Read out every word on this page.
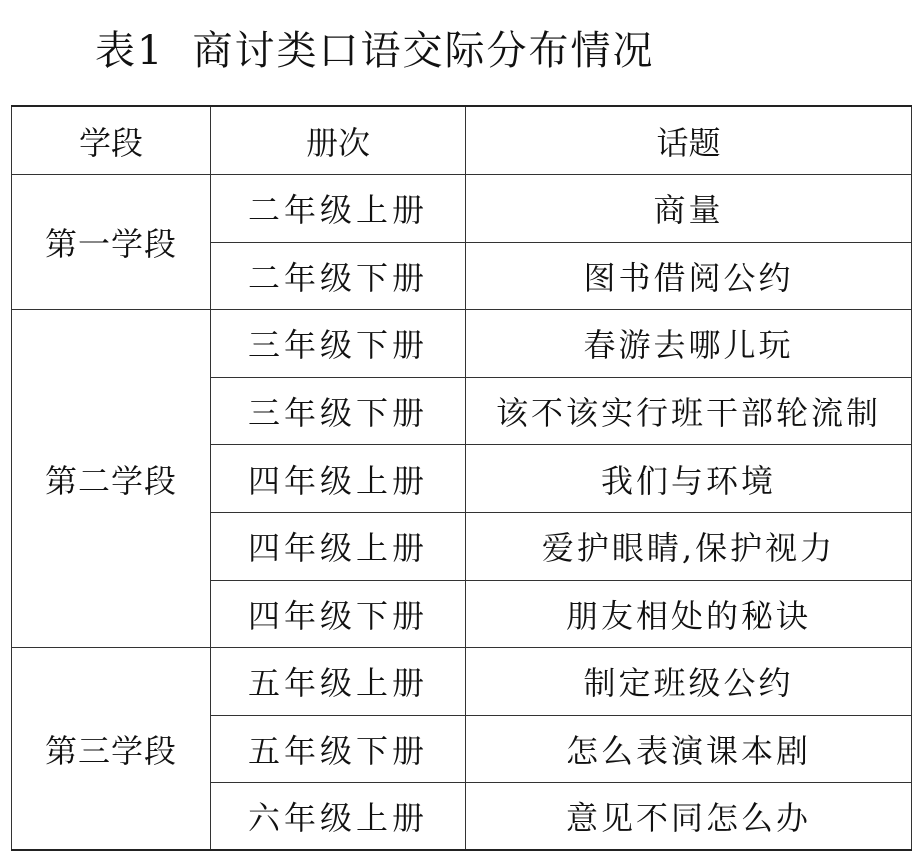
表1 商讨类口语交际分布情况
学段	册次	话题
第一学段	二年级上册	商量
	二年级下册	图书借阅公约
第二学段	三年级下册	春游去哪儿玩
	三年级下册	该不该实行班干部轮流制
	四年级上册	我们与环境
	四年级上册	爱护眼睛,保护视力
	四年级下册	朋友相处的秘诀
第三学段	五年级上册	制定班级公约
	五年级下册	怎么表演课本剧
	六年级上册	意见不同怎么办
